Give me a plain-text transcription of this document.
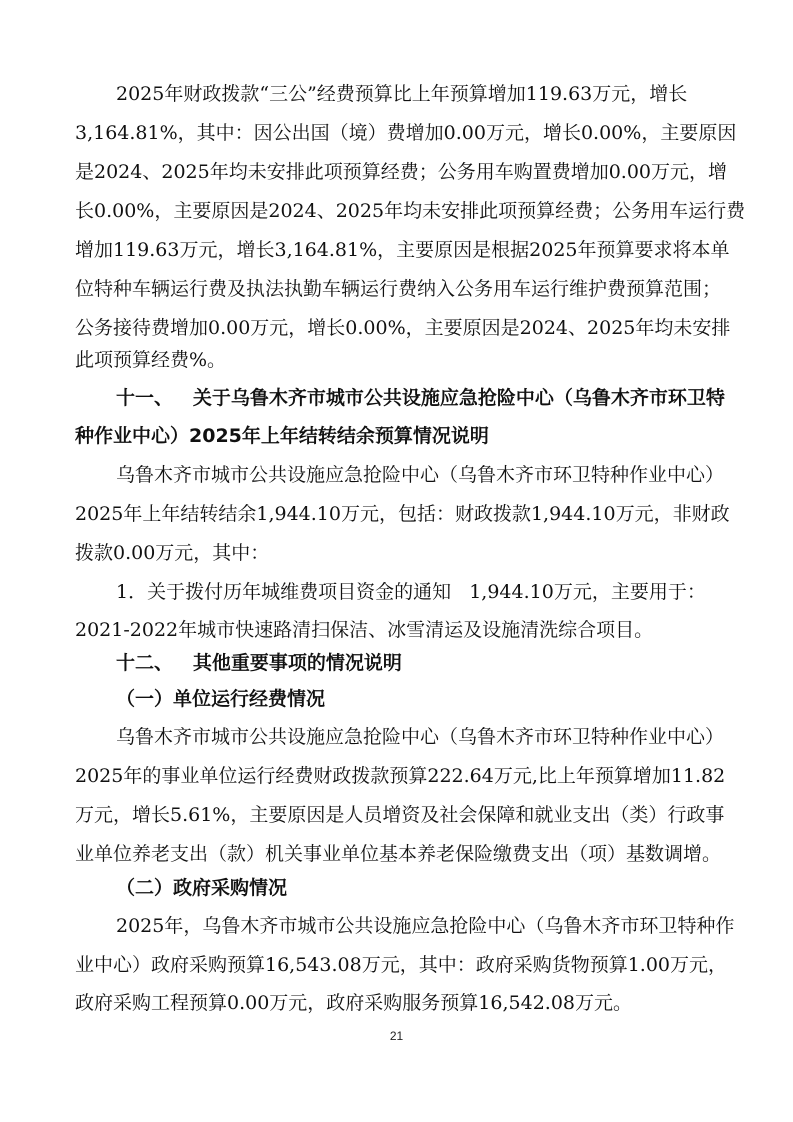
2025年财政拨款“三公”经费预算比上年预算增加119.63万元，增长
3,164.81%，其中：因公出国（境）费增加0.00万元，增长0.00%，主要原因
是2024、2025年均未安排此项预算经费；公务用车购置费增加0.00万元，增
长0.00%，主要原因是2024、2025年均未安排此项预算经费；公务用车运行费
增加119.63万元，增长3,164.81%，主要原因是根据2025年预算要求将本单
位特种车辆运行费及执法执勤车辆运行费纳入公务用车运行维护费预算范围；
公务接待费增加0.00万元，增长0.00%，主要原因是2024、2025年均未安排
此项预算经费%。
十一、   关于乌鲁木齐市城市公共设施应急抢险中心（乌鲁木齐市环卫特
种作业中心）2025年上年结转结余预算情况说明
乌鲁木齐市城市公共设施应急抢险中心（乌鲁木齐市环卫特种作业中心）
2025年上年结转结余1,944.10万元，包括：财政拨款1,944.10万元，非财政
拨款0.00万元，其中：
1．关于拨付历年城维费项目资金的通知   1,944.10万元，主要用于：
2021-2022年城市快速路清扫保洁、冰雪清运及设施清洗综合项目。
十二、   其他重要事项的情况说明
（一）单位运行经费情况
乌鲁木齐市城市公共设施应急抢险中心（乌鲁木齐市环卫特种作业中心）
2025年的事业单位运行经费财政拨款预算222.64万元,比上年预算增加11.82
万元，增长5.61%，主要原因是人员增资及社会保障和就业支出（类）行政事
业单位养老支出（款）机关事业单位基本养老保险缴费支出（项）基数调增。
（二）政府采购情况
2025年，乌鲁木齐市城市公共设施应急抢险中心（乌鲁木齐市环卫特种作
业中心）政府采购预算16,543.08万元，其中：政府采购货物预算1.00万元，
政府采购工程预算0.00万元，政府采购服务预算16,542.08万元。
21
